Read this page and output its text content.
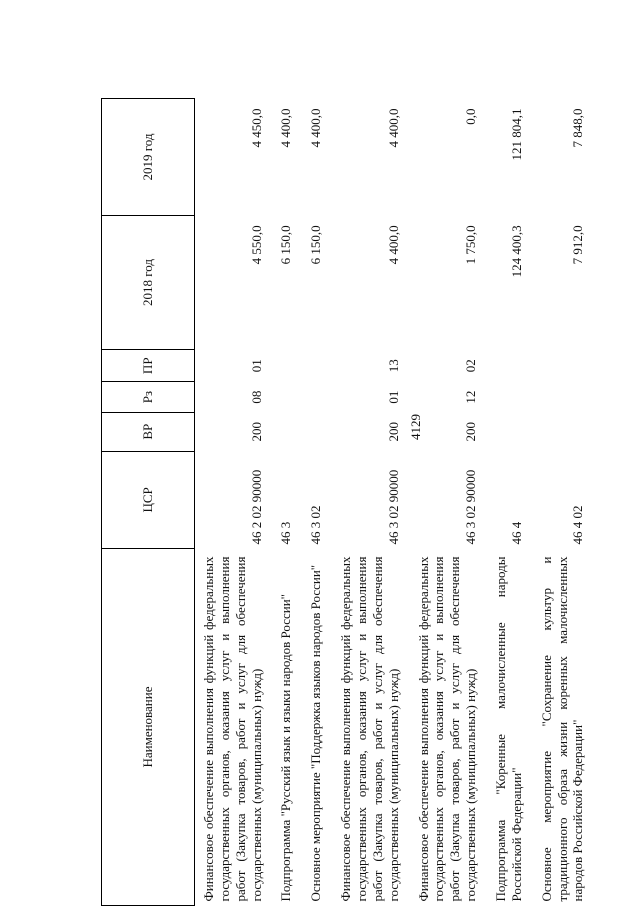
4129
Наименование	ЦСР	ВР	Рз	ПР	2018 год	2019 год

Финансовое обеспечение выполнения функций федеральных государственных органов, оказания услуг и выполнения работ (Закупка товаров, работ и услуг для обеспечения государственных (муниципальных) нужд)	46 2 02 90000	200	08	01	4 550,0	4 450,0
Подпрограмма "Русский язык и языки народов России"	46 3				6 150,0	4 400,0
Основное мероприятие "Поддержка языков народов России"	46 3 02				6 150,0	4 400,0
Финансовое обеспечение выполнения функций федеральных государственных органов, оказания услуг и выполнения работ (Закупка товаров, работ и услуг для обеспечения государственных (муниципальных) нужд)	46 3 02 90000	200	01	13	4 400,0	4 400,0
Финансовое обеспечение выполнения функций федеральных государственных органов, оказания услуг и выполнения работ (Закупка товаров, работ и услуг для обеспечения государственных (муниципальных) нужд)	46 3 02 90000	200	12	02	1 750,0	0,0
Подпрограмма "Коренные малочисленные народы Российской Федерации"	46 4				124 400,3	121 804,1
Основное мероприятие "Сохранение культур и традиционного образа жизни коренных малочисленных народов Российской Федерации"	46 4 02				7 912,0	7 848,0
